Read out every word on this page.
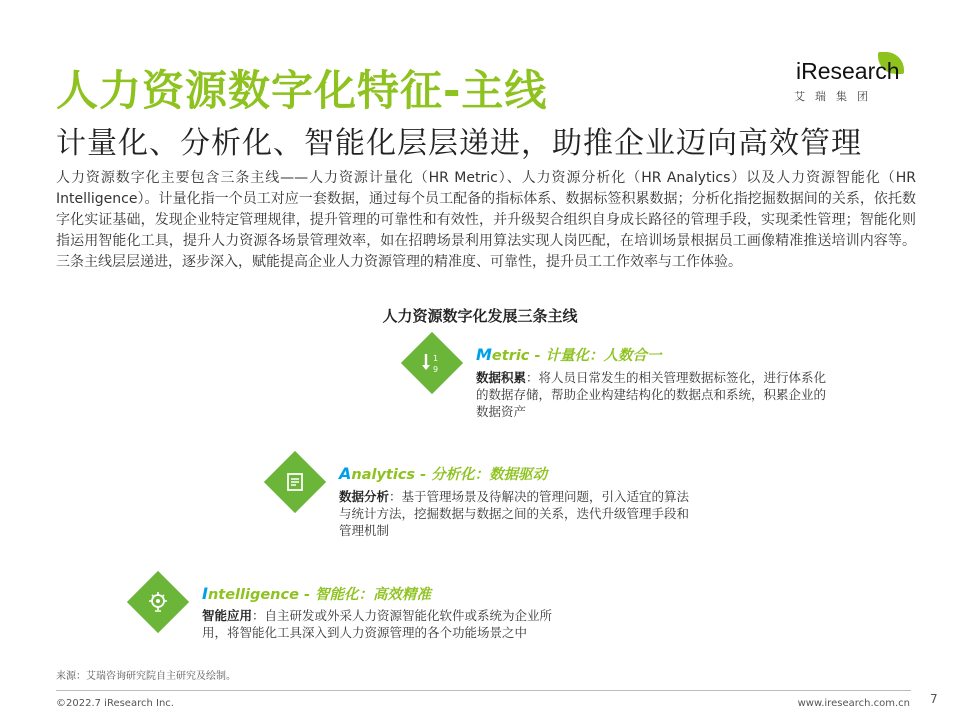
人力资源数字化特征-主线
计量化、分析化、智能化层层递进，助推企业迈向高效管理
iResearch
艾瑞集团
人力资源数字化主要包含三条主线——人力资源计量化（HR Metric）、人力资源分析化（HR Analytics）以及人力资源智能化（HR Intelligence）。计量化指一个员工对应一套数据，通过每个员工配备的指标体系、数据标签积累数据；分析化指挖掘数据间的关系，依托数字化实证基础，发现企业特定管理规律，提升管理的可靠性和有效性，并升级契合组织自身成长路径的管理手段，实现柔性管理；智能化则指运用智能化工具，提升人力资源各场景管理效率，如在招聘场景利用算法实现人岗匹配，在培训场景根据员工画像精准推送培训内容等。三条主线层层递进，逐步深入，赋能提高企业人力资源管理的精准度、可靠性，提升员工工作效率与工作体验。
人力资源数字化发展三条主线
1
9
Metric - 计量化：人数合一
数据积累：将人员日常发生的相关管理数据标签化，进行体系化的数据存储，帮助企业构建结构化的数据点和系统，积累企业的数据资产
Analytics - 分析化：数据驱动
数据分析：基于管理场景及待解决的管理问题，引入适宜的算法与统计方法，挖掘数据与数据之间的关系，迭代升级管理手段和管理机制
Intelligence - 智能化：高效精准
智能应用：自主研发或外采人力资源智能化软件或系统为企业所用，将智能化工具深入到人力资源管理的各个功能场景之中
来源：艾瑞咨询研究院自主研究及绘制。
©2022.7 iResearch Inc.	www.iresearch.com.cn 7
